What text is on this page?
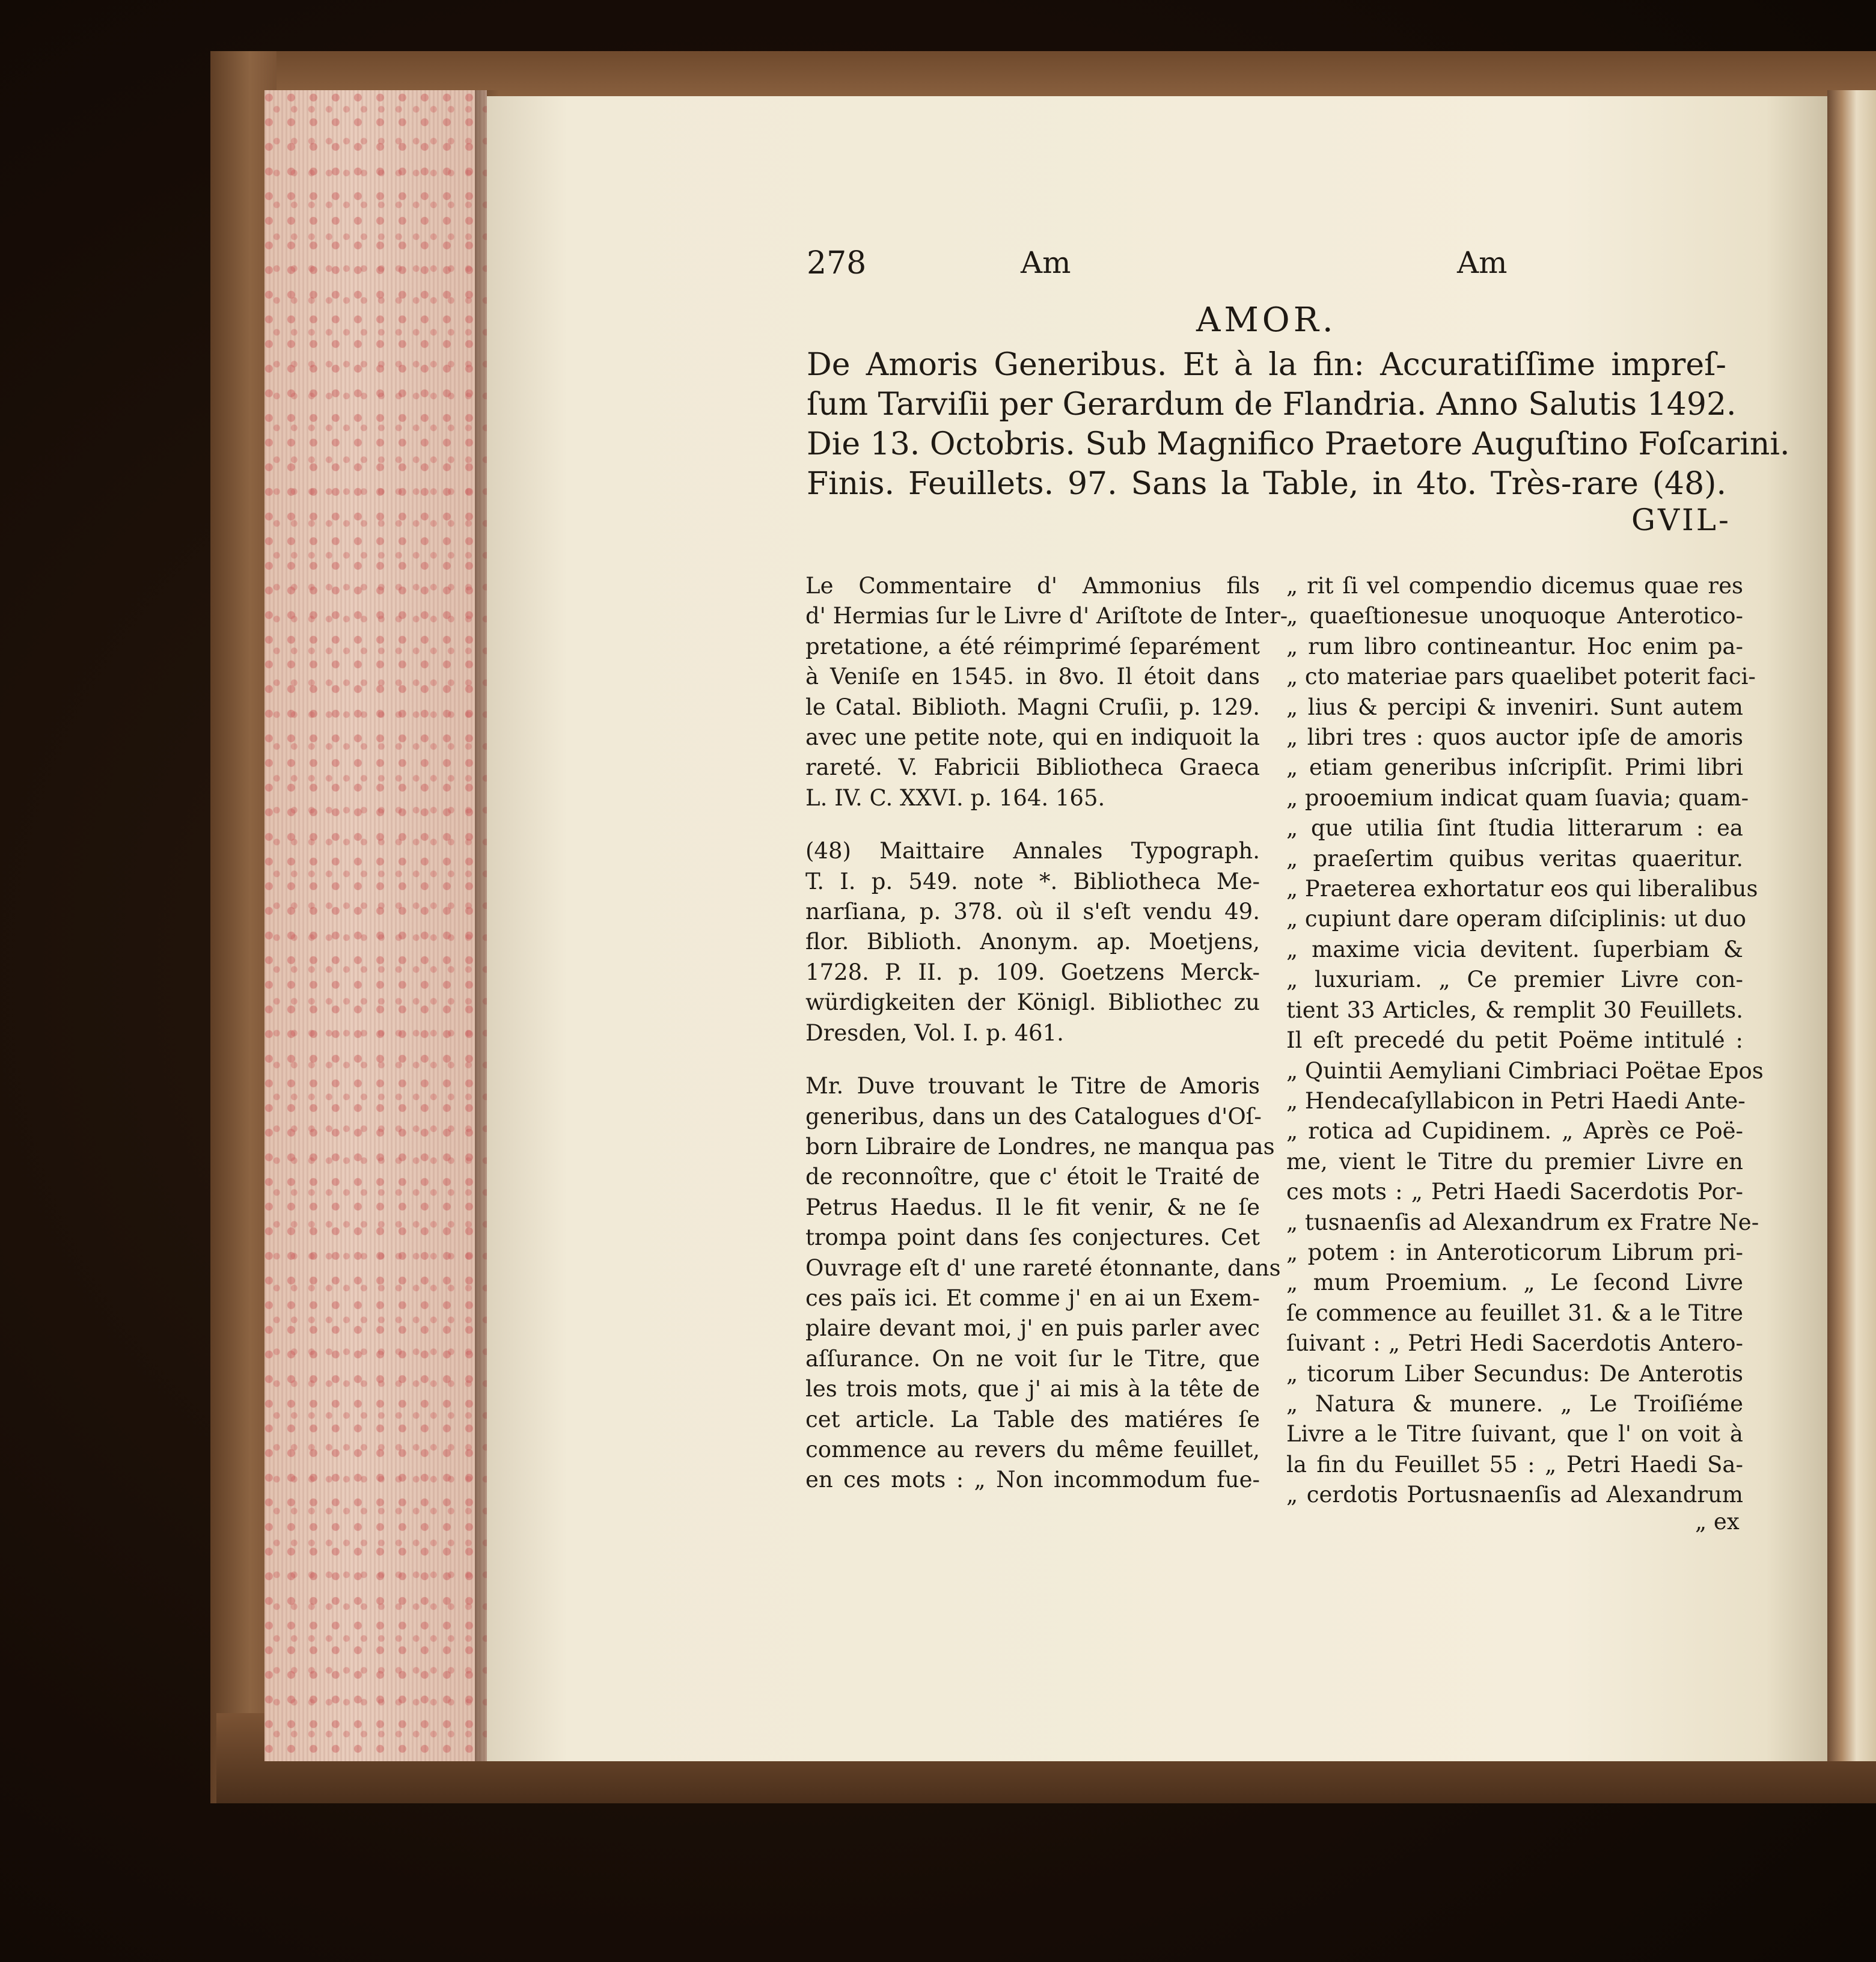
278	Am	Am
AMOR.
De Amoris Generibus. Et à la fin: Accuratiſſime impreſ-
ſum Tarviſii per Gerardum de Flandria. Anno Salutis 1492.
Die 13. Octobris. Sub Magnifico Praetore Auguſtino Foſcarini.
Finis. Feuillets. 97. Sans la Table, in 4to. Très-rare (48).
GVIL-
Le Commentaire d' Ammonius fils
d' Hermias ſur le Livre d' Ariſtote de Inter-
pretatione, a été réimprimé ſeparément
à Veniſe en 1545. in 8vo. Il étoit dans
le Catal. Biblioth. Magni Cruſii, p. 129.
avec une petite note, qui en indiquoit la
rareté. V. Fabricii Bibliotheca Graeca
L. IV. C. XXVI. p. 164. 165.
(48) Maittaire Annales Typograph.
T. I. p. 549. note *. Bibliotheca Me-
narſiana, p. 378. où il s'eſt vendu 49.
flor. Biblioth. Anonym. ap. Moetjens,
1728. P. II. p. 109. Goetzens Merck-
würdigkeiten der Königl. Bibliothec zu
Dresden, Vol. I. p. 461.
Mr. Duve trouvant le Titre de Amoris
generibus, dans un des Catalogues d'Oſ-
born Libraire de Londres, ne manqua pas
de reconnoître, que c' étoit le Traité de
Petrus Haedus. Il le fit venir, & ne ſe
trompa point dans ſes conjectures. Cet
Ouvrage eſt d' une rareté étonnante, dans
ces païs ici. Et comme j' en ai un Exem-
plaire devant moi, j' en puis parler avec
aſſurance. On ne voit ſur le Titre, que
les trois mots, que j' ai mis à la tête de
cet article. La Table des matiéres ſe
commence au revers du même feuillet,
en ces mots : „ Non incommodum fue-
„ rit ſi vel compendio dicemus quae res
„ quaeſtionesue unoquoque Anterotico-
„ rum libro contineantur. Hoc enim pa-
„ cto materiae pars quaelibet poterit faci-
„ lius & percipi & inveniri. Sunt autem
„ libri tres : quos auctor ipſe de amoris
„ etiam generibus inſcripſit. Primi libri
„ prooemium indicat quam ſuavia; quam-
„ que utilia ſint ſtudia litterarum : ea
„ praeſertim quibus veritas quaeritur.
„ Praeterea exhortatur eos qui liberalibus
„ cupiunt dare operam diſciplinis: ut duo
„ maxime vicia devitent. ſuperbiam &
„ luxuriam. „ Ce premier Livre con-
tient 33 Articles, & remplit 30 Feuillets.
Il eſt precedé du petit Poëme intitulé :
„ Quintii Aemyliani Cimbriaci Poëtae Epos
„ Hendecaſyllabicon in Petri Haedi Ante-
„ rotica ad Cupidinem. „ Après ce Poë-
me, vient le Titre du premier Livre en
ces mots : „ Petri Haedi Sacerdotis Por-
„ tusnaenſis ad Alexandrum ex Fratre Ne-
„ potem : in Anteroticorum Librum pri-
„ mum Proemium. „ Le ſecond Livre
ſe commence au feuillet 31. & a le Titre
ſuivant : „ Petri Hedi Sacerdotis Antero-
„ ticorum Liber Secundus: De Anterotis
„ Natura & munere. „ Le Troiſiéme
Livre a le Titre ſuivant, que l' on voit à
la fin du Feuillet 55 : „ Petri Haedi Sa-
„ cerdotis Portusnaenſis ad Alexandrum
„ ex
